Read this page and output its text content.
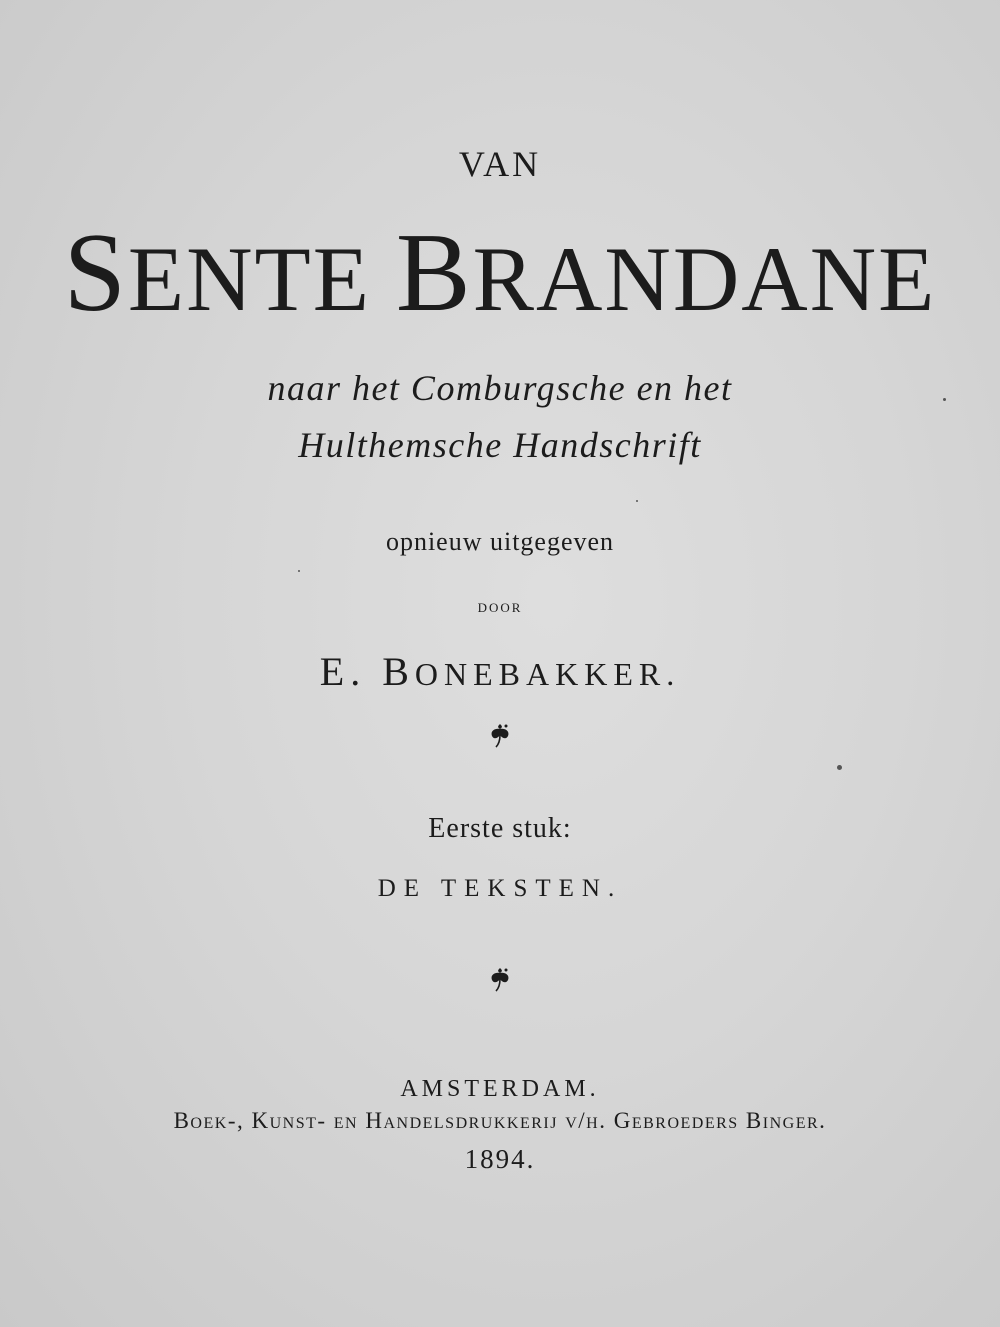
VAN
SENTE BRANDANE
naar het Comburgsche en het
Hulthemsche Handschrift
opnieuw uitgegeven
DOOR
E. BONEBAKKER.
Eerste stuk:
DE TEKSTEN.
AMSTERDAM.
Boek-, Kunst- en Handelsdrukkerij v/h. Gebroeders Binger.
1894.
